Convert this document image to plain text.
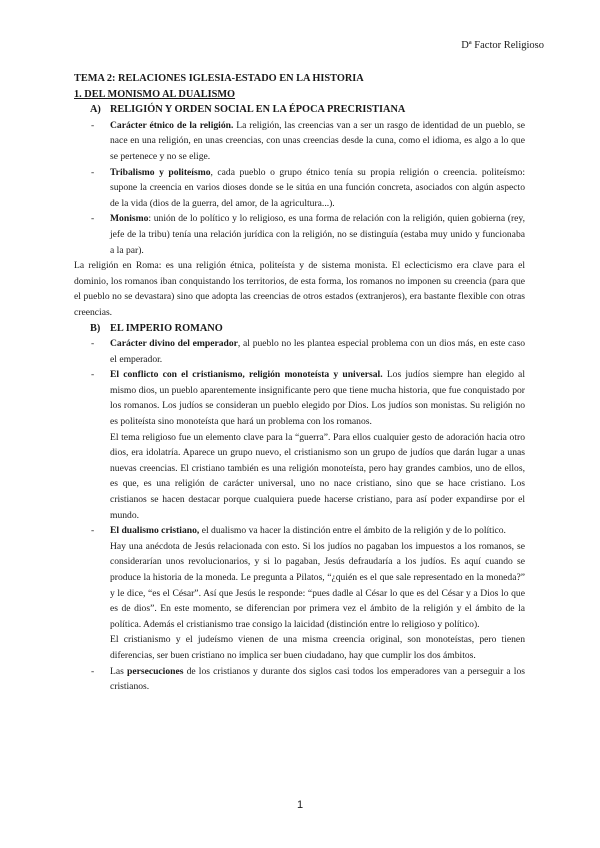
Dª Factor Religioso

TEMA 2: RELACIONES IGLESIA-ESTADO EN LA HISTORIA

1. DEL MONISMO AL DUALISMO

A) RELIGIÓN Y ORDEN SOCIAL EN LA ÉPOCA PRECRISTIANA
- Carácter étnico de la religión. La religión, las creencias van a ser un rasgo de identidad de un pueblo, se nace en una religión, en unas creencias, con unas creencias desde la cuna, como el idioma, es algo a lo que se pertenece y no se elige.
- Tribalismo y politeísmo, cada pueblo o grupo étnico tenía su propia religión o creencia. politeísmo: supone la creencia en varios dioses donde se le sitúa en una función concreta, asociados con algún aspecto de la vida (dios de la guerra, del amor, de la agricultura...).
- Monismo: unión de lo político y lo religioso, es una forma de relación con la religión, quien gobierna (rey, jefe de la tribu) tenía una relación jurídica con la religión, no se distinguía (estaba muy unido y funcionaba a la par).

La religión en Roma: es una religión étnica, politeísta y de sistema monista. El eclecticismo era clave para el dominio, los romanos iban conquistando los territorios, de esta forma, los romanos no imponen su creencia (para que el pueblo no se devastara) sino que adopta las creencias de otros estados (extranjeros), era bastante flexible con otras creencias.

B) EL IMPERIO ROMANO
- Carácter divino del emperador, al pueblo no les plantea especial problema con un dios más, en este caso el emperador.
- El conflicto con el cristianismo, religión monoteísta y universal. Los judíos siempre han elegido al mismo dios, un pueblo aparentemente insignificante pero que tiene mucha historia, que fue conquistado por los romanos. Los judíos se consideran un pueblo elegido por Dios. Los judíos son monistas. Su religión no es politeísta sino monoteísta que hará un problema con los romanos.

El tema religioso fue un elemento clave para la “guerra”. Para ellos cualquier gesto de adoración hacia otro dios, era idolatría. Aparece un grupo nuevo, el cristianismo son un grupo de judíos que darán lugar a unas nuevas creencias. El cristiano también es una religión monoteísta, pero hay grandes cambios, uno de ellos, es que, es una religión de carácter universal, uno no nace cristiano, sino que se hace cristiano. Los cristianos se hacen destacar porque cualquiera puede hacerse cristiano, para así poder expandirse por el mundo.

- El dualismo cristiano, el dualismo va hacer la distinción entre el ámbito de la religión y de lo político.

Hay una anécdota de Jesús relacionada con esto. Si los judíos no pagaban los impuestos a los romanos, se considerarían unos revolucionarios, y si lo pagaban, Jesús defraudaría a los judíos. Es aquí cuando se produce la historia de la moneda. Le pregunta a Pilatos, “¿quién es el que sale representado en la moneda?” y le dice, “es el César”. Así que Jesús le responde: “pues dadle al César lo que es del César y a Dios lo que es de dios”. En este momento, se diferencian por primera vez el ámbito de la religión y el ámbito de la política. Además el cristianismo trae consigo la laicidad (distinción entre lo religioso y político).

El cristianismo y el judeísmo vienen de una misma creencia original, son monoteístas, pero tienen diferencias, ser buen cristiano no implica ser buen ciudadano, hay que cumplir los dos ámbitos.

- Las persecuciones de los cristianos y durante dos siglos casi todos los emperadores van a perseguir a los cristianos.
1
